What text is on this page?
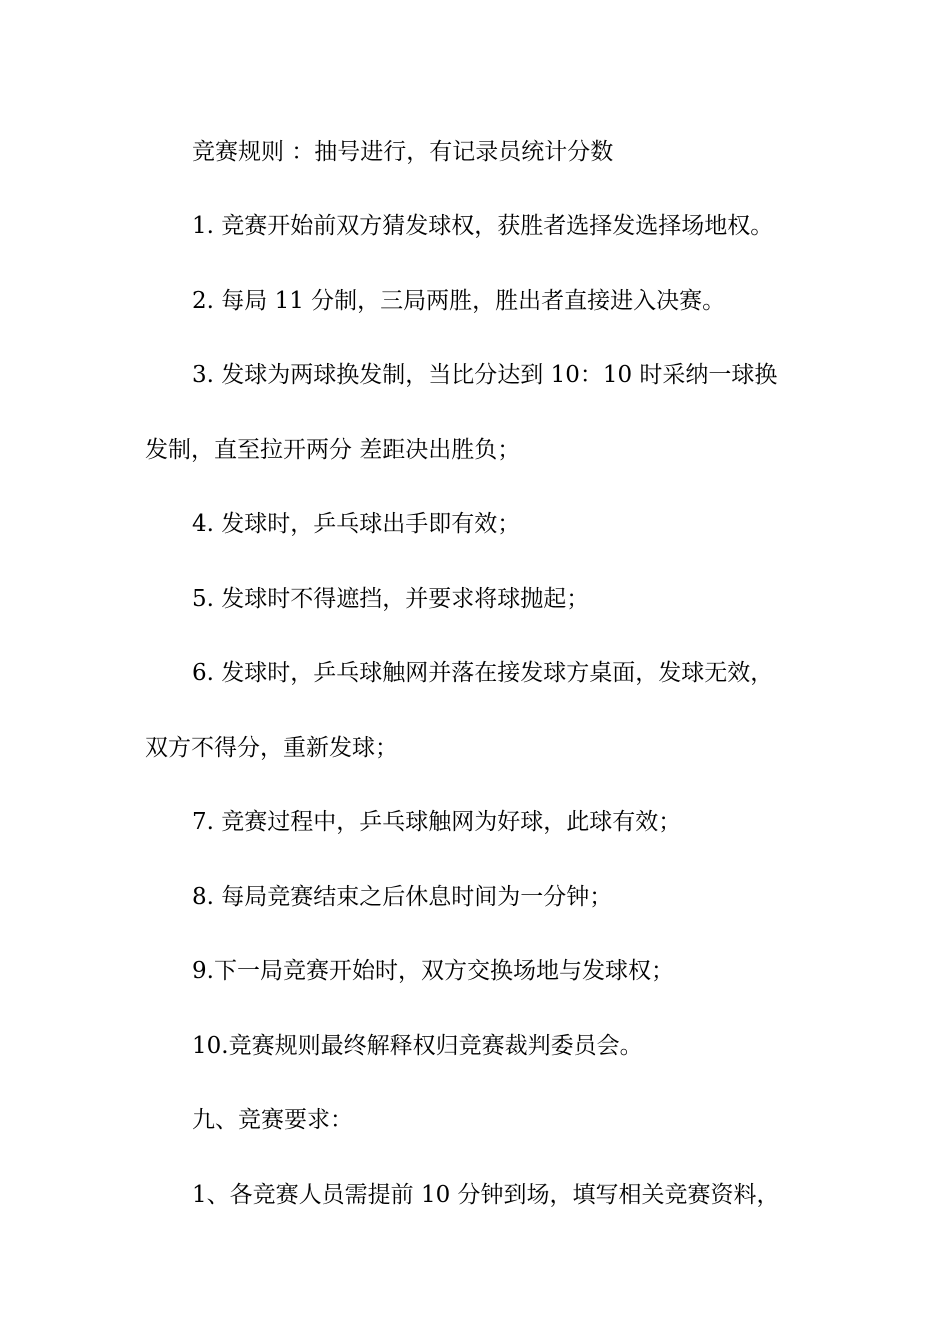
竞赛规则 ：抽号进行，有记录员统计分数
1. 竞赛开始前双方猜发球权，获胜者选择发选择场地权。
2. 每局 11 分制，三局两胜，胜出者直接进入决赛。
3. 发球为两球换发制，当比分达到 10：10 时采纳一球换
发制，直至拉开两分 差距决出胜负；
4. 发球时，乒乓球出手即有效；
5. 发球时不得遮挡，并要求将球抛起；
6. 发球时，乒乓球触网并落在接发球方桌面，发球无效，
双方不得分，重新发球；
7. 竞赛过程中，乒乓球触网为好球，此球有效；
8. 每局竞赛结束之后休息时间为一分钟；
9.下一局竞赛开始时，双方交换场地与发球权；
10.竞赛规则最终解释权归竞赛裁判委员会。
九、竞赛要求：
1、各竞赛人员需提前 10 分钟到场，填写相关竞赛资料，
